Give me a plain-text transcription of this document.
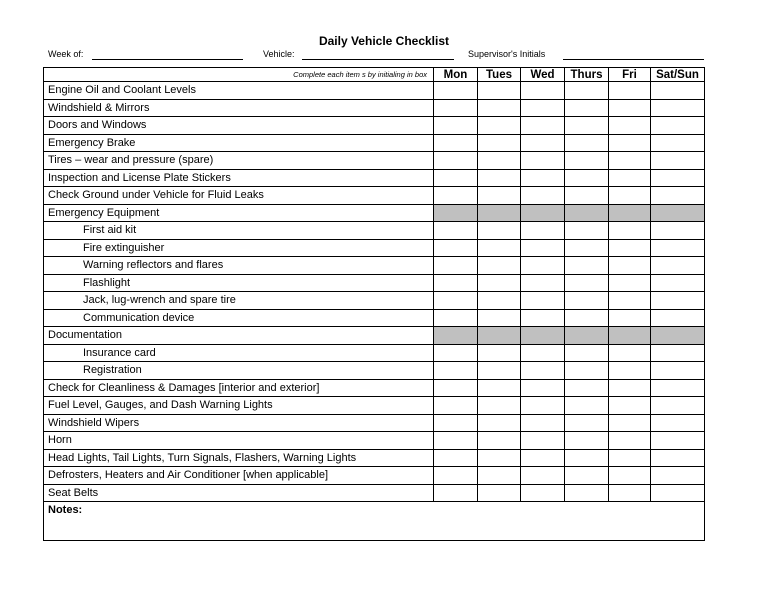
Daily Vehicle Checklist
Week of:	Vehicle:	Supervisor's Initials
Complete each item s by initialing in box	Mon	Tues	Wed	Thurs	Fri	Sat/Sun
Engine Oil and Coolant Levels						
Windshield & Mirrors						
Doors and Windows						
Emergency Brake						
Tires – wear and pressure (spare)						
Inspection and License Plate Stickers						
Check Ground under Vehicle for Fluid Leaks						
Emergency Equipment						
First aid kit						
Fire extinguisher						
Warning reflectors and flares						
Flashlight						
Jack, lug-wrench and spare tire						
Communication device						
Documentation						
Insurance card						
Registration						
Check for Cleanliness & Damages [interior and exterior]						
Fuel Level, Gauges, and Dash Warning Lights						
Windshield Wipers						
Horn						
Head Lights, Tail Lights, Turn Signals, Flashers, Warning Lights						
Defrosters, Heaters and Air Conditioner [when applicable]						
Seat Belts						
Notes:						
